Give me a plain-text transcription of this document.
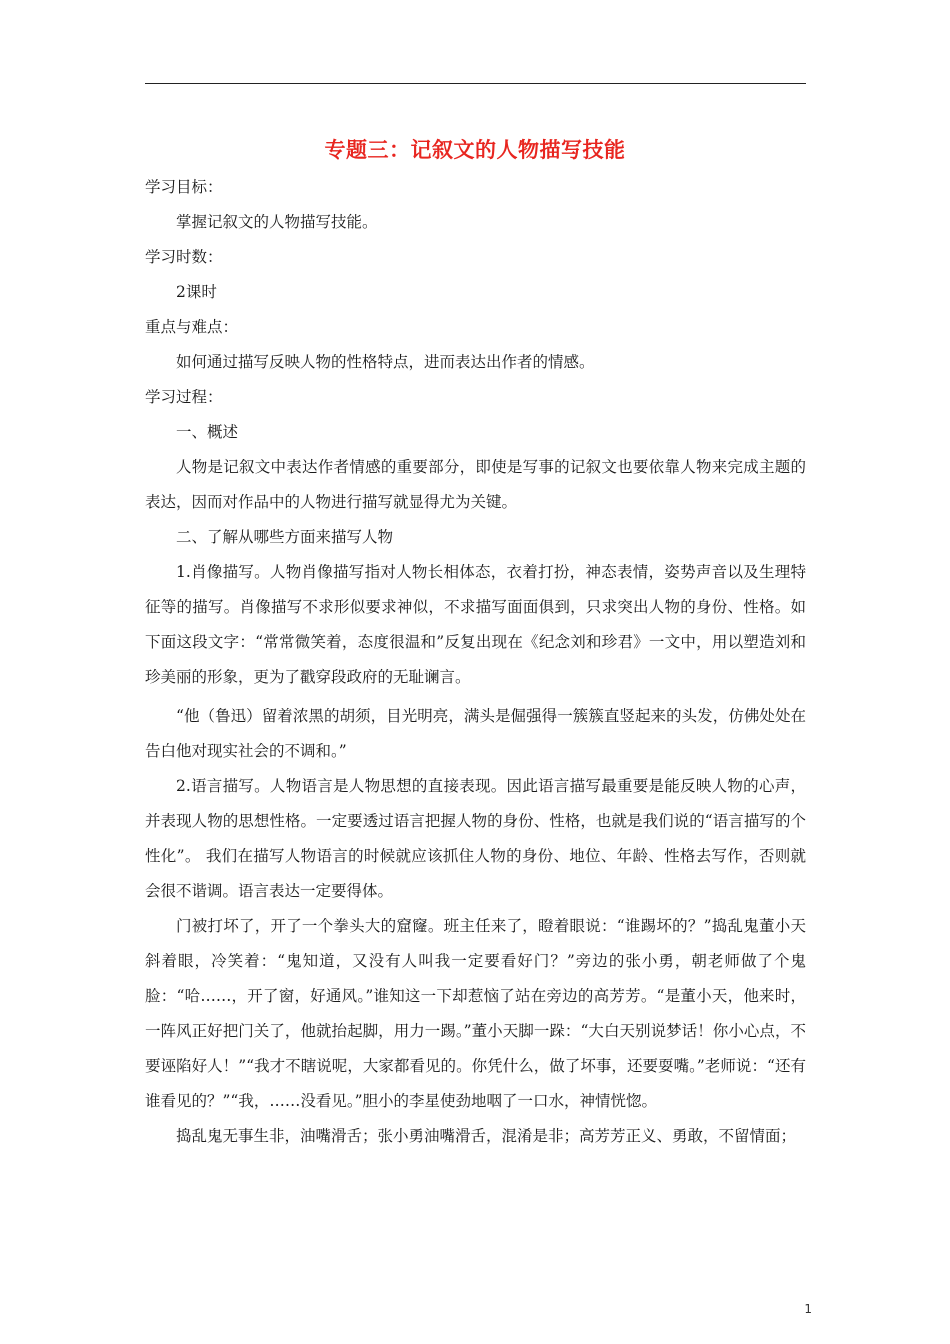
专题三：记叙文的人物描写技能

学习目标：

掌握记叙文的人物描写技能。

学习时数：

2课时

重点与难点：

如何通过描写反映人物的性格特点，进而表达出作者的情感。

学习过程：

一、概述

人物是记叙文中表达作者情感的重要部分，即使是写事的记叙文也要依靠人物来完成主题的表达，因而对作品中的人物进行描写就显得尤为关键。

二、了解从哪些方面来描写人物

1.肖像描写。人物肖像描写指对人物长相体态，衣着打扮，神态表情，姿势声音以及生理特征等的描写。肖像描写不求形似要求神似，不求描写面面俱到，只求突出人物的身份、性格。如下面这段文字：“常常微笑着，态度很温和”反复出现在《纪念刘和珍君》一文中，用以塑造刘和珍美丽的形象，更为了戳穿段政府的无耻谰言。

“他（鲁迅）留着浓黑的胡须，目光明亮，满头是倔强得一簇簇直竖起来的头发，仿佛处处在告白他对现实社会的不调和。”

2.语言描写。人物语言是人物思想的直接表现。因此语言描写最重要是能反映人物的心声，并表现人物的思想性格。一定要透过语言把握人物的身份、性格，也就是我们说的“语言描写的个性化”。 我们在描写人物语言的时候就应该抓住人物的身份、地位、年龄、性格去写作，否则就会很不谐调。语言表达一定要得体。

门被打坏了，开了一个拳头大的窟窿。班主任来了，瞪着眼说：“谁踢坏的？”捣乱鬼董小天斜着眼，冷笑着：“鬼知道，又没有人叫我一定要看好门？”旁边的张小勇，朝老师做了个鬼脸：“哈……，开了窗，好通风。”谁知这一下却惹恼了站在旁边的高芳芳。“是董小天，他来时，一阵风正好把门关了，他就抬起脚，用力一踢。”董小天脚一跺：“大白天别说梦话！你小心点，不要诬陷好人！”“我才不瞎说呢，大家都看见的。你凭什么，做了坏事，还要耍嘴。”老师说：“还有谁看见的？”“我，……没看见。”胆小的李星使劲地咽了一口水，神情恍惚。

捣乱鬼无事生非，油嘴滑舌；张小勇油嘴滑舌，混淆是非；高芳芳正义、勇敢，不留情面；

1
